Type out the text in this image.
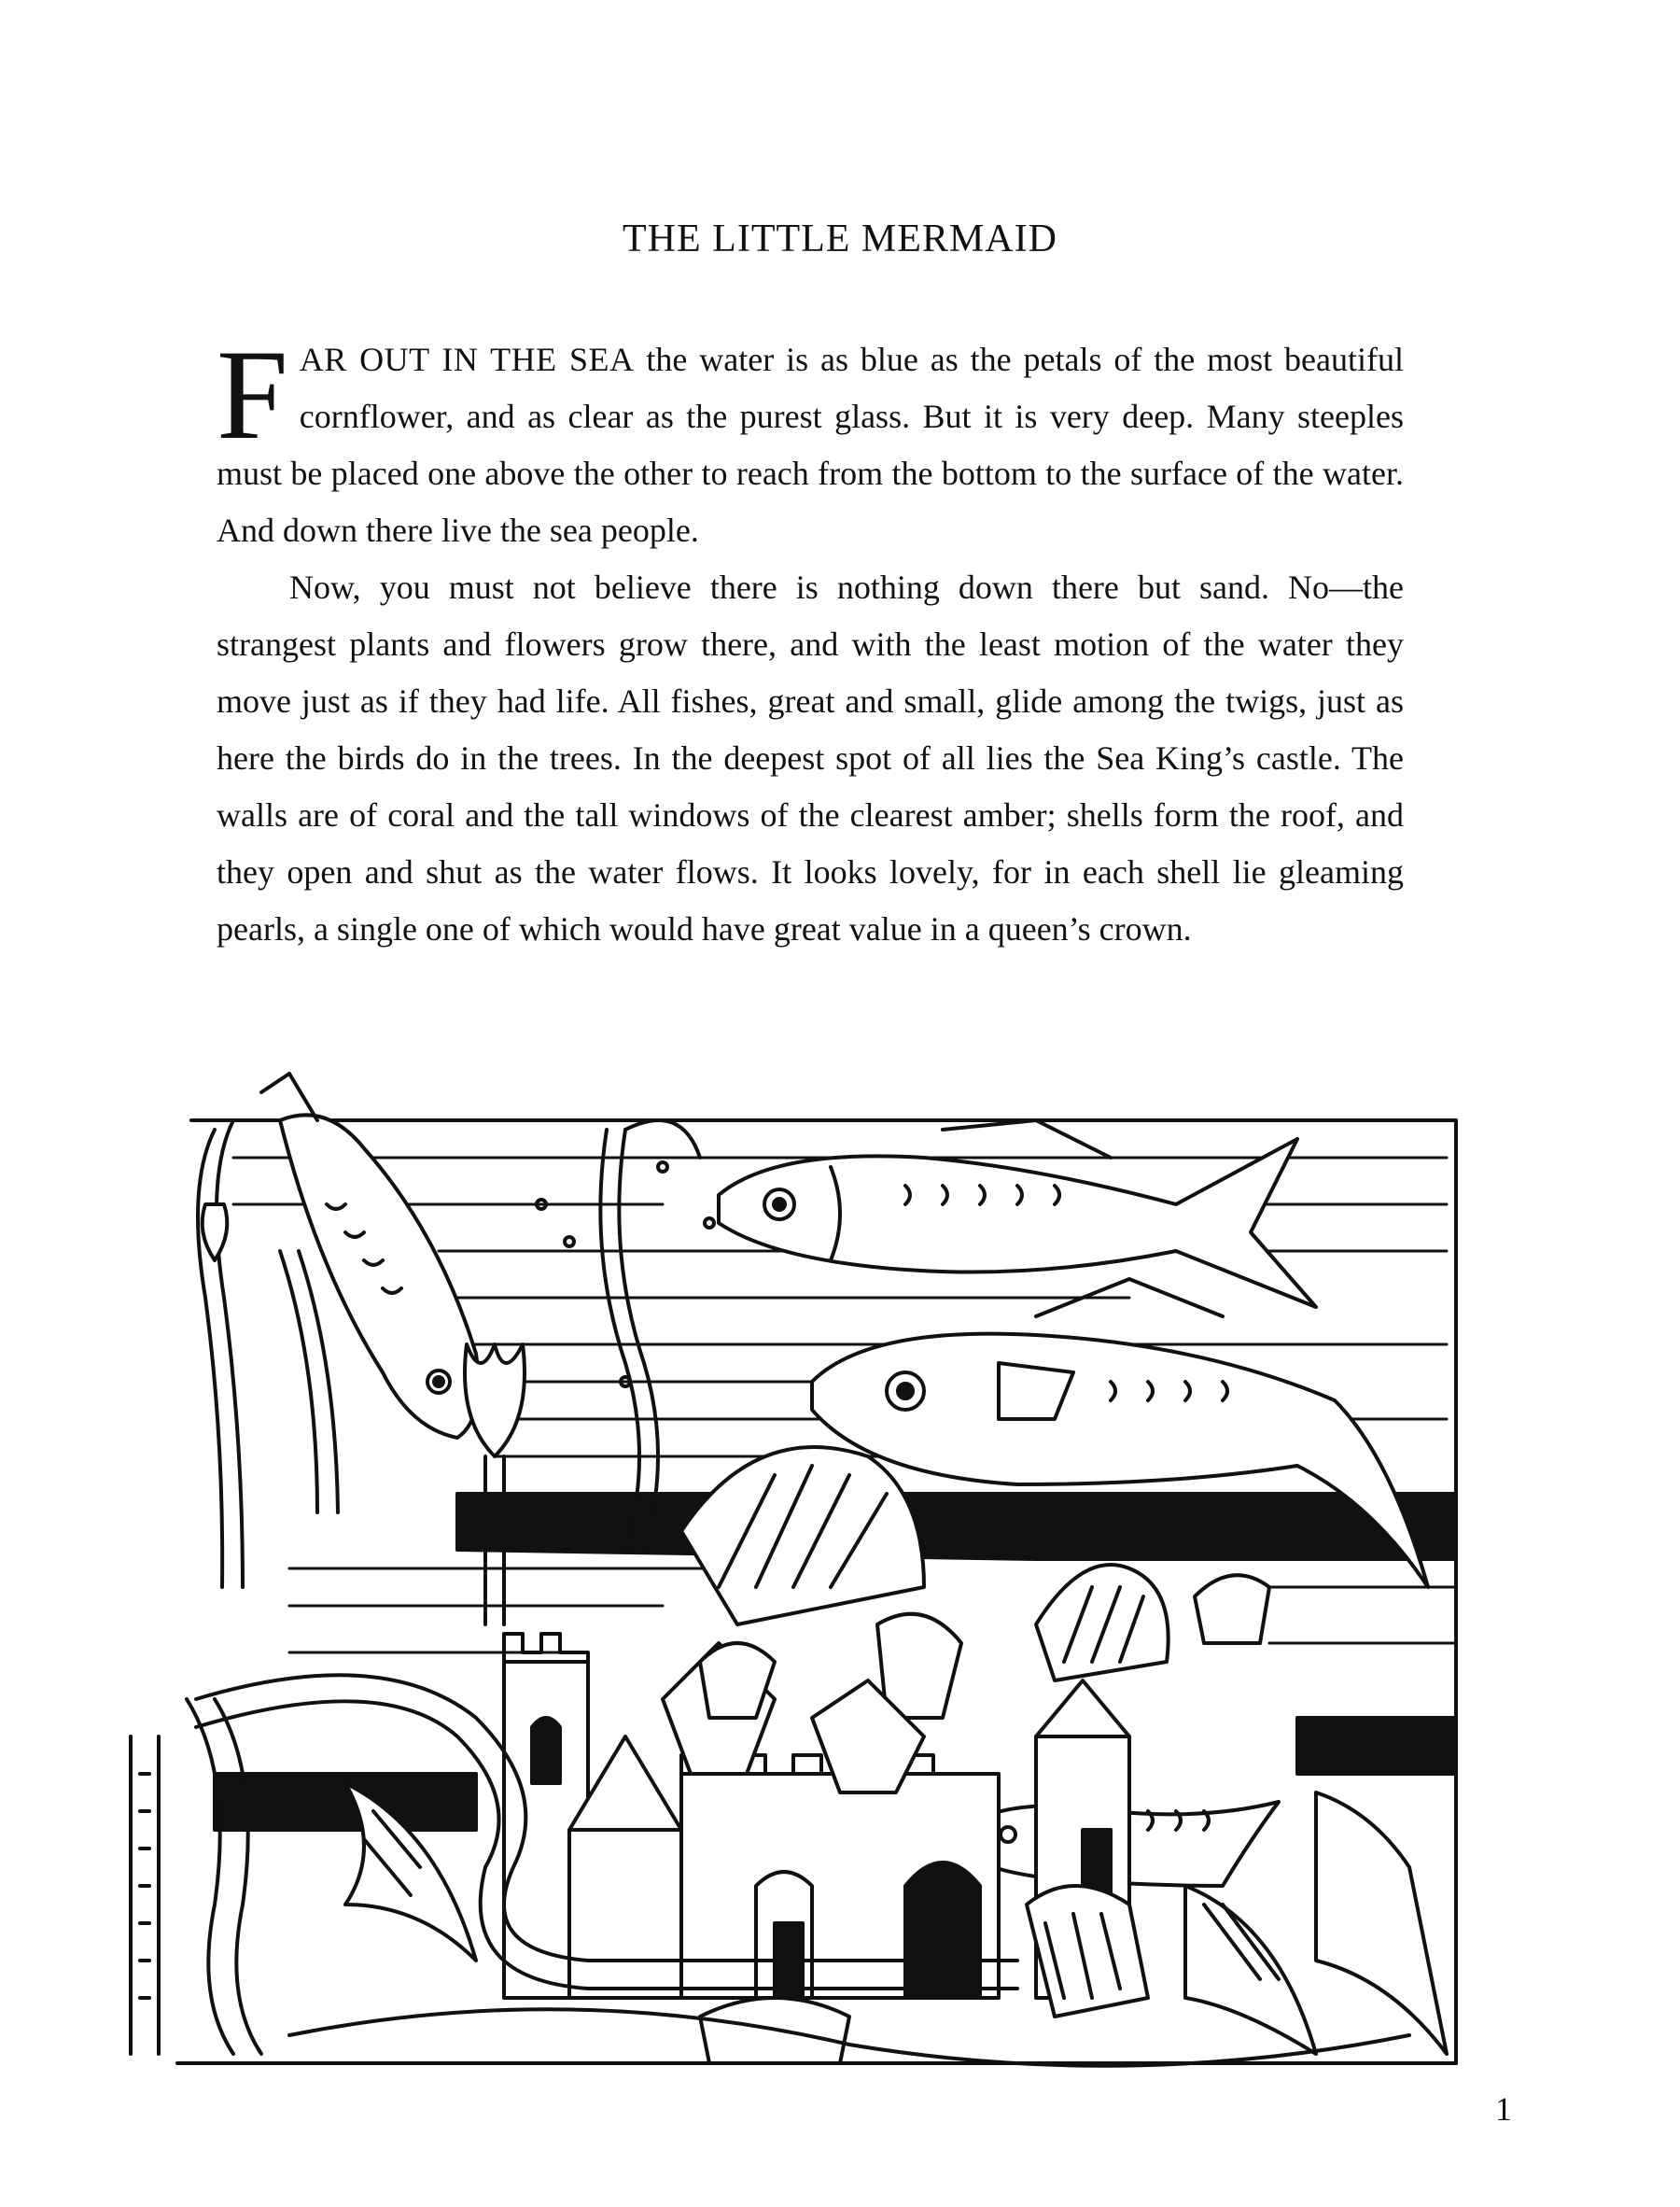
THE LITTLE MERMAID

FAR OUT IN THE SEA the water is as blue as the petals of the most beautiful cornflower, and as clear as the purest glass. But it is very deep. Many steeples must be placed one above the other to reach from the bottom to the surface of the water. And down there live the sea people.

Now, you must not believe there is nothing down there but sand. No—the strangest plants and flowers grow there, and with the least motion of the water they move just as if they had life. All fishes, great and small, glide among the twigs, just as here the birds do in the trees. In the deepest spot of all lies the Sea King’s castle. The walls are of coral and the tall windows of the clearest amber; shells form the roof, and they open and shut as the water flows. It looks lovely, for in each shell lie gleaming pearls, a single one of which would have great value in a queen’s crown.

1
